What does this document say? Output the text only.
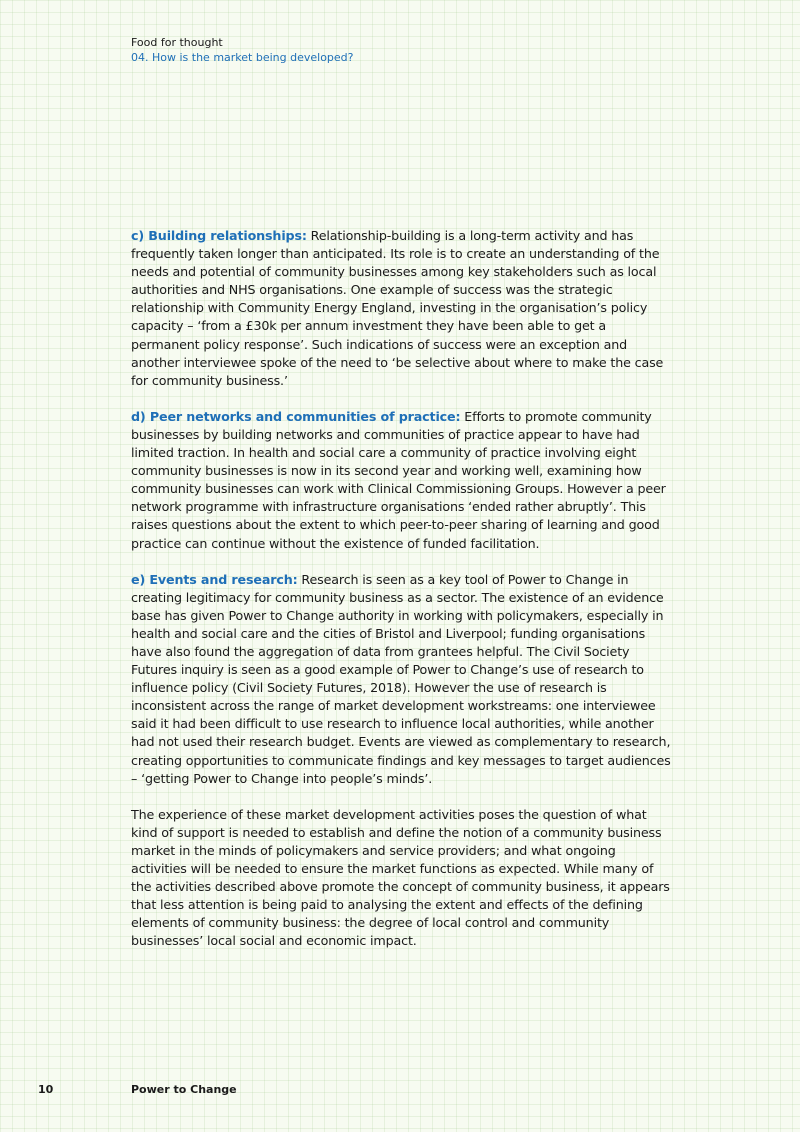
Food for thought
04. How is the market being developed?

c) Building relationships: Relationship-building is a long-term activity and has frequently taken longer than anticipated. Its role is to create an understanding of the needs and potential of community businesses among key stakeholders such as local authorities and NHS organisations. One example of success was the strategic relationship with Community Energy England, investing in the organisation’s policy capacity – ‘from a £30k per annum investment they have been able to get a permanent policy response’. Such indications of success were an exception and another interviewee spoke of the need to ‘be selective about where to make the case for community business.’

d) Peer networks and communities of practice: Efforts to promote community businesses by building networks and communities of practice appear to have had limited traction. In health and social care a community of practice involving eight community businesses is now in its second year and working well, examining how community businesses can work with Clinical Commissioning Groups. However a peer network programme with infrastructure organisations ‘ended rather abruptly’. This raises questions about the extent to which peer-to-peer sharing of learning and good practice can continue without the existence of funded facilitation.

e) Events and research: Research is seen as a key tool of Power to Change in creating legitimacy for community business as a sector. The existence of an evidence base has given Power to Change authority in working with policymakers, especially in health and social care and the cities of Bristol and Liverpool; funding organisations have also found the aggregation of data from grantees helpful. The Civil Society Futures inquiry is seen as a good example of Power to Change’s use of research to influence policy (Civil Society Futures, 2018). However the use of research is inconsistent across the range of market development workstreams: one interviewee said it had been difficult to use research to influence local authorities, while another had not used their research budget. Events are viewed as complementary to research, creating opportunities to communicate findings and key messages to target audiences – ‘getting Power to Change into people’s minds’.

The experience of these market development activities poses the question of what kind of support is needed to establish and define the notion of a community business market in the minds of policymakers and service providers; and what ongoing activities will be needed to ensure the market functions as expected. While many of the activities described above promote the concept of community business, it appears that less attention is being paid to analysing the extent and effects of the defining elements of community business: the degree of local control and community businesses’ local social and economic impact.

10	Power to Change
